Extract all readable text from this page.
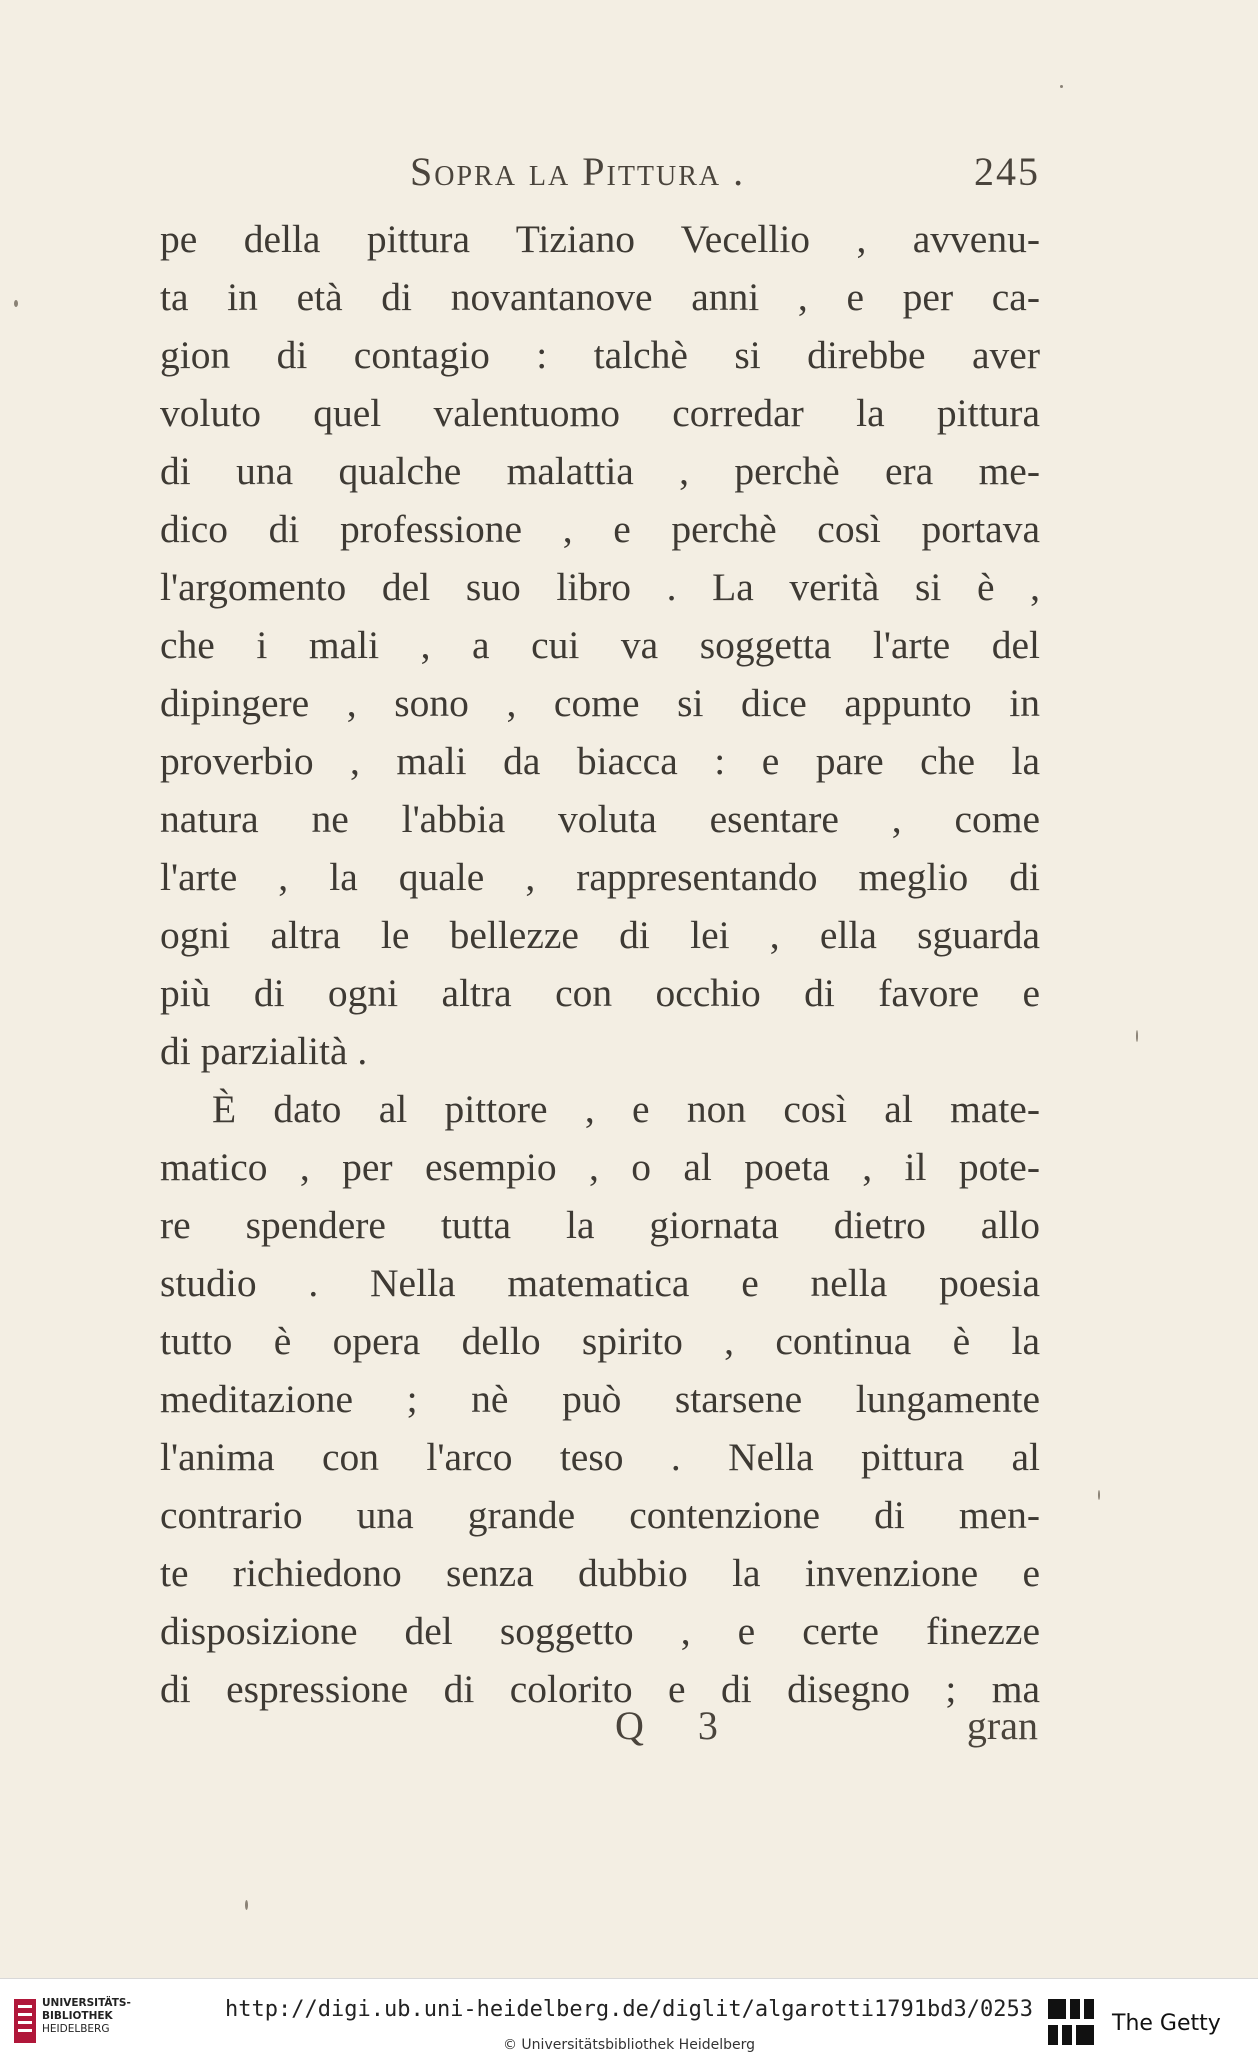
Sopra la Pittura .	245
pe della pittura Tiziano Vecellio , avvenu-
ta in età di novantanove anni , e per ca-
gion di contagio : talchè si direbbe aver
voluto quel valentuomo corredar la pittura
di una qualche malattia , perchè era me-
dico di professione , e perchè così portava
l'argomento del suo libro . La verità si è ,
che i mali , a cui va soggetta l'arte del
dipingere , sono , come si dice appunto in
proverbio , mali da biacca : e pare che la
natura ne l'abbia voluta esentare , come
l'arte , la quale , rappresentando meglio di
ogni altra le bellezze di lei , ella sguarda
più di ogni altra con occhio di favore e
di parzialità .
È dato al pittore , e non così al mate-
matico , per esempio , o al poeta , il pote-
re spendere tutta la giornata dietro allo
studio . Nella matematica e nella poesia
tutto è opera dello spirito , continua è la
meditazione ; nè può starsene lungamente
l'anima con l'arco teso . Nella pittura al
contrario una grande contenzione di men-
te richiedono senza dubbio la invenzione e
disposizione del soggetto , e certe finezze
di espressione di colorito e di disegno ; ma
Q 3	gran
UNIVERSITÄTS-
BIBLIOTHEK
HEIDELBERG
http://digi.ub.uni-heidelberg.de/diglit/algarotti1791bd3/0253
© Universitätsbibliothek Heidelberg
The Getty
